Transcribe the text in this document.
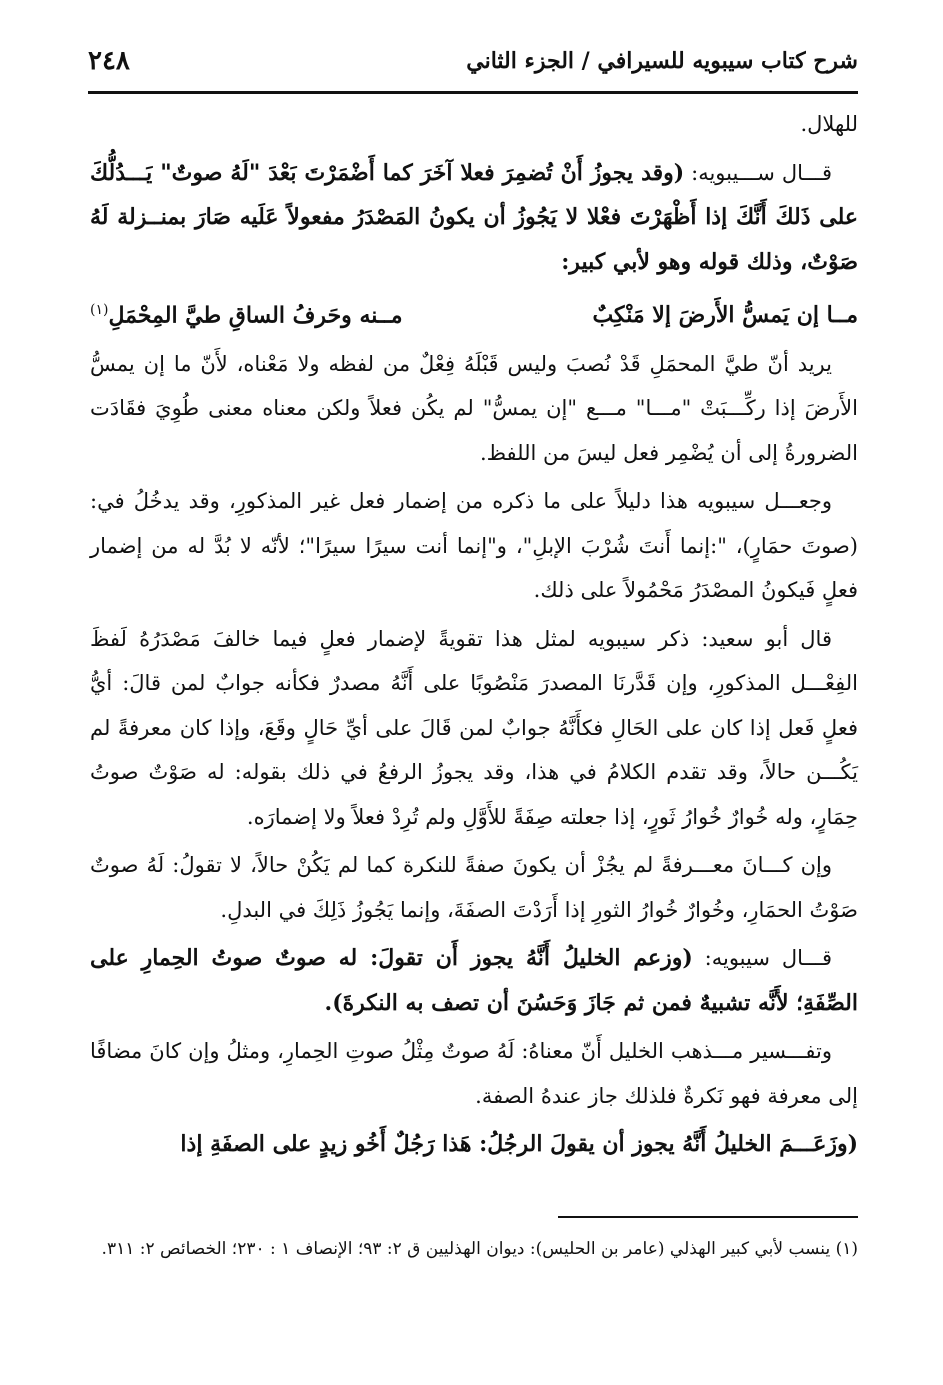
شرح كتاب سيبويه للسيرافي / الجزء الثاني
٢٤٨

للهلال.

قـــال ســـيبويه: (وقد يجوزُ أَنْ تُضمِرَ فعلا آخَرَ كما أَضْمَرْتَ بَعْدَ "لَهُ صوتٌ" يَـــدُلُّكَ على ذَلكَ أَنَّكَ إذا أَظْهَرْتَ فعْلا لا يَجُوزُ أن يكونُ المَصْدَرُ مفعولاً عَلَيه صَارَ بمنــزلة لَهُ صَوْتٌ، وذلك قوله وهو لأبي كبير:

مــا إن يَمسُّ الأَرضَ إلا مَنْكِبٌ
مــنه وحَرفُ الساقِ طيَّ المِحْمَلِ$^{(١)}$

يريد أنّ طيَّ المحمَلِ قَدْ نُصبَ وليس قَبْلَهُ فِعْلٌ من لفظه ولا مَعْناه، لأَنّ ما إن يمسُّ الأَرضَ إذا ركِّـــبَتْ "مـــا" مـــع "إن يمسُّ" لم يكُن فعلاً ولكن معناه معنى طُوِيَ فقَادَت الضرورةُ إلى أن يُضْمِر فعل ليسَ من اللفظ.

وجعـــل سيبويه هذا دليلاً على ما ذكره من إضمار فعل غير المذكورِ، وقد يدخُلُ في: (صوتَ حمَارٍ)، ":إنما أَنتَ شُرْبَ الإبلِ"، و"إنما أنت سيرًا سيرًا"؛ لأنّه لا بُدَّ له من إضمار فعلٍ فَيكونُ المصْدَرُ مَحْمُولاً على ذلك.

قال أبو سعيد: ذكر سيبويه لمثل هذا تقويةً لإضمار فعلٍ فيما خالفَ مَصْدَرُهُ لَفظَ الفِعْـــل المذكورِ، وإن قَدَّرنَا المصدرَ مَنْصُوبًا على أَنَّهُ مصدرٌ فكأنه جوابٌ لمن قالَ: أيُّ فعلٍ فَعل إذا كان على الحَالِ فكأَنَّهُ جوابٌ لمن قَالَ على أيِّ حَالٍ وقَعَ، وإذا كان معرفةً لم يَكُـــن حالاً، وقد تقدم الكلامُ في هذا، وقد يجوزُ الرفعُ في ذلك بقوله: له صَوْتٌ صوتُ حِمَارٍ، وله خُوارٌ خُوارُ ثَورٍ، إذا جعلته صِفَةً للأَوَّلِ ولم تُرِدْ فعلاً ولا إضمارَه.

وإن كـــانَ معـــرفةً لم يجُزْ أن يكونَ صفةً للنكرة كما لم يَكُنْ حالاً، لا تقولُ: لَهُ صوتٌ صَوْتُ الحمَارِ، وخُوارٌ خُوارُ الثورِ إذا أَرَدْتَ الصفَةَ، وإنما يَجُوزُ ذَلِكَ في البدلِ.

قـــال سيبويه: (وزعم الخليلُ أَنَّهُ يجوز أَن تقولَ: له صوتٌ صوتُ الحِمارِ على الصِّفَةِ؛ لأَنَّه تشبيهٌ فمن ثم جَازَ وَحَسُنَ أن تصف به النكرةَ).

وتفـــسير مـــذهب الخليل أَنّ معناهُ: لَهُ صوتٌ مِثْلُ صوتِ الحِمارِ، ومثلُ وإن كانَ مضافًا إلى معرفة فهو نَكرةٌ فلذلك جاز عندهُ الصفة.

(وزَعَـــمَ الخليلُ أَنَّهُ يجوز أن يقولَ الرجُلُ: هَذا رَجُلٌ أَخُو زيدٍ على الصفَةِ إذا

(١) ينسب لأبي كبير الهذلي (عامر بن الحليس): ديوان الهذليين ق ٢: ٩٣؛ الإنصاف ١ : ٢٣٠؛ الخصائص ٢: ٣١١.
